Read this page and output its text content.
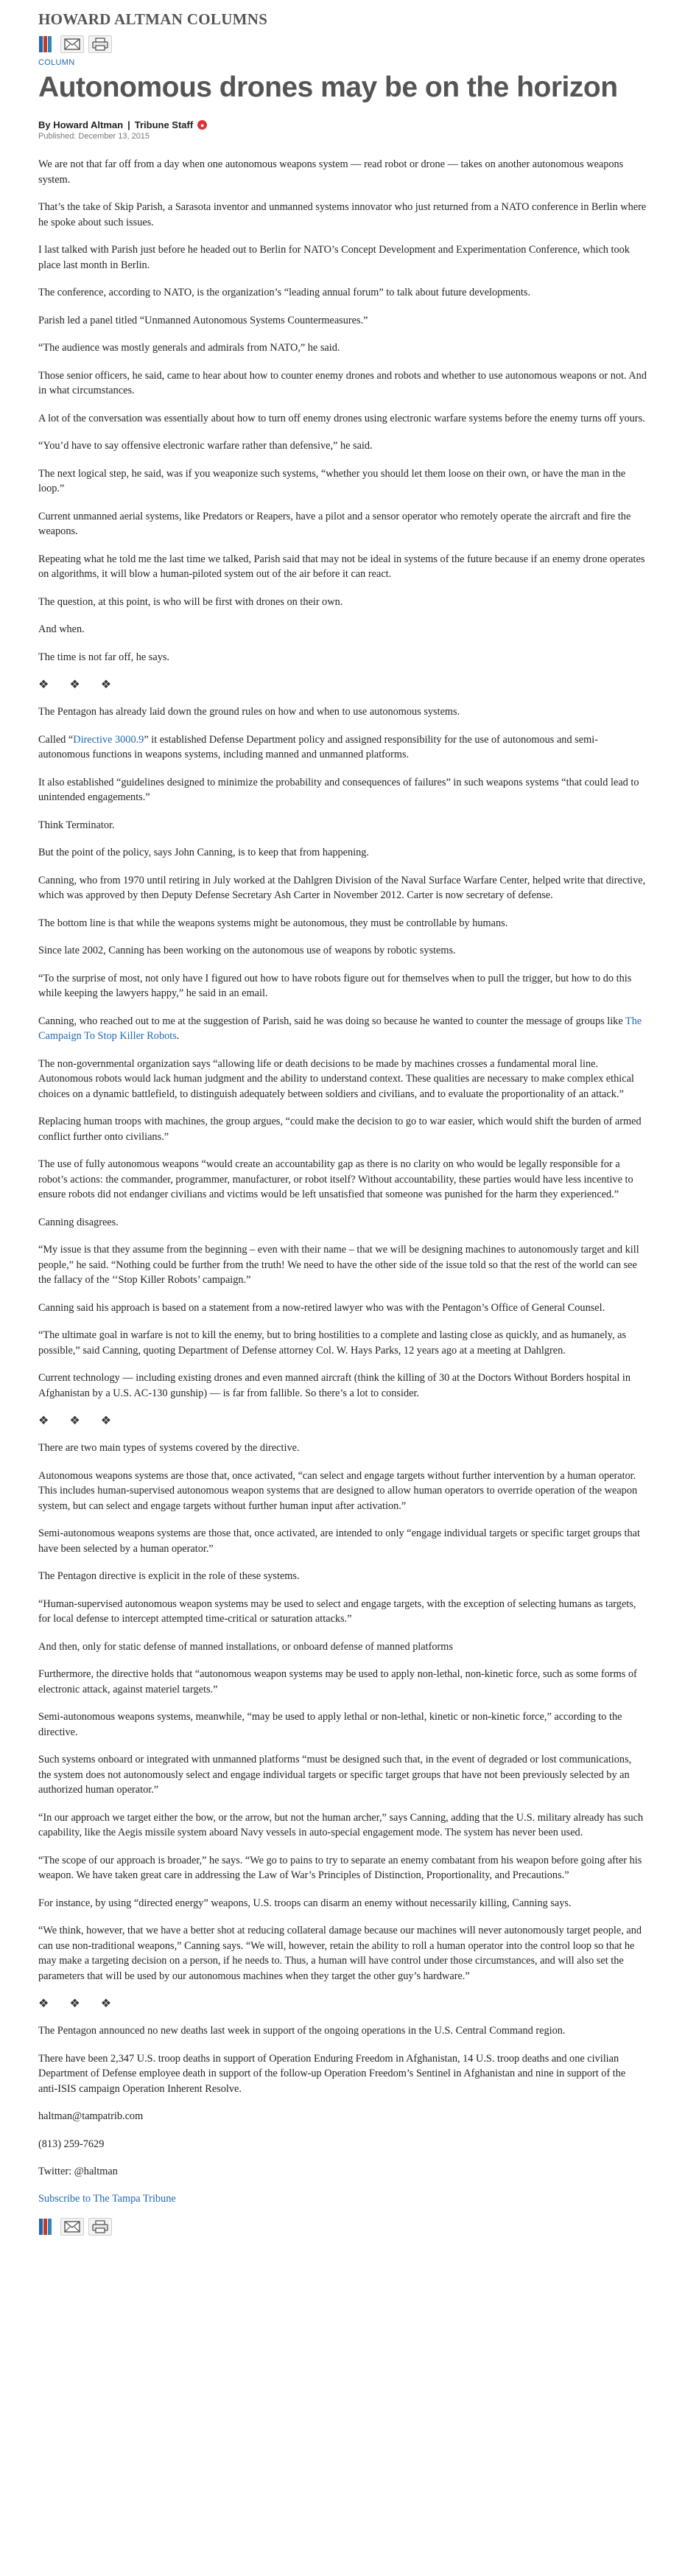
HOWARD ALTMAN COLUMNS
COLUMN
Autonomous drones may be on the horizon
By Howard Altman | Tribune Staff	●
Published: December 13, 2015

We are not that far off from a day when one autonomous weapons system — read robot or drone — takes on another autonomous weapons system.

That’s the take of Skip Parish, a Sarasota inventor and unmanned systems innovator who just returned from a NATO conference in Berlin where he spoke about such issues.

I last talked with Parish just before he headed out to Berlin for NATO’s Concept Development and Experimentation Conference, which took place last month in Berlin.

The conference, according to NATO, is the organization’s “leading annual forum” to talk about future developments.

Parish led a panel titled “Unmanned Autonomous Systems Countermeasures.”

“The audience was mostly generals and admirals from NATO,” he said.

Those senior officers, he said, came to hear about how to counter enemy drones and robots and whether to use autonomous weapons or not. And in what circumstances.

A lot of the conversation was essentially about how to turn off enemy drones using electronic warfare systems before the enemy turns off yours.

“You’d have to say offensive electronic warfare rather than defensive,” he said.

The next logical step, he said, was if you weaponize such systems, “whether you should let them loose on their own, or have the man in the loop.”

Current unmanned aerial systems, like Predators or Reapers, have a pilot and a sensor operator who remotely operate the aircraft and fire the weapons.

Repeating what he told me the last time we talked, Parish said that may not be ideal in systems of the future because if an enemy drone operates on algorithms, it will blow a human-piloted system out of the air before it can react.

The question, at this point, is who will be first with drones on their own.

And when.

The time is not far off, he says.

❖ ❖ ❖

The Pentagon has already laid down the ground rules on how and when to use autonomous systems.

Called “Directive 3000.9” it established Defense Department policy and assigned responsibility for the use of autonomous and semi-autonomous functions in weapons systems, including manned and unmanned platforms.

It also established “guidelines designed to minimize the probability and consequences of failures” in such weapons systems “that could lead to unintended engagements.”

Think Terminator.

But the point of the policy, says John Canning, is to keep that from happening.

Canning, who from 1970 until retiring in July worked at the Dahlgren Division of the Naval Surface Warfare Center, helped write that directive, which was approved by then Deputy Defense Secretary Ash Carter in November 2012. Carter is now secretary of defense.

The bottom line is that while the weapons systems might be autonomous, they must be controllable by humans.

Since late 2002, Canning has been working on the autonomous use of weapons by robotic systems.

“To the surprise of most, not only have I figured out how to have robots figure out for themselves when to pull the trigger, but how to do this while keeping the lawyers happy,” he said in an email.

Canning, who reached out to me at the suggestion of Parish, said he was doing so because he wanted to counter the message of groups like The Campaign To Stop Killer Robots.

The non-governmental organization says “allowing life or death decisions to be made by machines crosses a fundamental moral line. Autonomous robots would lack human judgment and the ability to understand context. These qualities are necessary to make complex ethical choices on a dynamic battlefield, to distinguish adequately between soldiers and civilians, and to evaluate the proportionality of an attack.”

Replacing human troops with machines, the group argues, “could make the decision to go to war easier, which would shift the burden of armed conflict further onto civilians.”

The use of fully autonomous weapons “would create an accountability gap as there is no clarity on who would be legally responsible for a robot’s actions: the commander, programmer, manufacturer, or robot itself? Without accountability, these parties would have less incentive to ensure robots did not endanger civilians and victims would be left unsatisfied that someone was punished for the harm they experienced.”

Canning disagrees.

“My issue is that they assume from the beginning – even with their name – that we will be designing machines to autonomously target and kill people,” he said. “Nothing could be further from the truth! We need to have the other side of the issue told so that the rest of the world can see the fallacy of the ‘‘Stop Killer Robots’ campaign.”

Canning said his approach is based on a statement from a now-retired lawyer who was with the Pentagon’s Office of General Counsel.

“The ultimate goal in warfare is not to kill the enemy, but to bring hostilities to a complete and lasting close as quickly, and as humanely, as possible,” said Canning, quoting Department of Defense attorney Col. W. Hays Parks, 12 years ago at a meeting at Dahlgren.

Current technology — including existing drones and even manned aircraft (think the killing of 30 at the Doctors Without Borders hospital in Afghanistan by a U.S. AC-130 gunship) — is far from fallible. So there’s a lot to consider.

❖ ❖ ❖

There are two main types of systems covered by the directive.

Autonomous weapons systems are those that, once activated, “can select and engage targets without further intervention by a human operator. This includes human-supervised autonomous weapon systems that are designed to allow human operators to override operation of the weapon system, but can select and engage targets without further human input after activation.”

Semi-autonomous weapons systems are those that, once activated, are intended to only “engage individual targets or specific target groups that have been selected by a human operator.”

The Pentagon directive is explicit in the role of these systems.

“Human-supervised autonomous weapon systems may be used to select and engage targets, with the exception of selecting humans as targets, for local defense to intercept attempted time-critical or saturation attacks.”

And then, only for static defense of manned installations, or onboard defense of manned platforms

Furthermore, the directive holds that “autonomous weapon systems may be used to apply non-lethal, non-kinetic force, such as some forms of electronic attack, against materiel targets.”

Semi-autonomous weapons systems, meanwhile, “may be used to apply lethal or non-lethal, kinetic or non-kinetic force,” according to the directive.

Such systems onboard or integrated with unmanned platforms “must be designed such that, in the event of degraded or lost communications, the system does not autonomously select and engage individual targets or specific target groups that have not been previously selected by an authorized human operator.”

“In our approach we target either the bow, or the arrow, but not the human archer,” says Canning, adding that the U.S. military already has such capability, like the Aegis missile system aboard Navy vessels in auto-special engagement mode. The system has never been used.

“The scope of our approach is broader,” he says. “We go to pains to try to separate an enemy combatant from his weapon before going after his weapon. We have taken great care in addressing the Law of War’s Principles of Distinction, Proportionality, and Precautions.”

For instance, by using “directed energy” weapons, U.S. troops can disarm an enemy without necessarily killing, Canning says.

“We think, however, that we have a better shot at reducing collateral damage because our machines will never autonomously target people, and can use non-traditional weapons,” Canning says. “We will, however, retain the ability to roll a human operator into the control loop so that he may make a targeting decision on a person, if he needs to. Thus, a human will have control under those circumstances, and will also set the parameters that will be used by our autonomous machines when they target the other guy’s hardware.”

❖ ❖ ❖

The Pentagon announced no new deaths last week in support of the ongoing operations in the U.S. Central Command region.

There have been 2,347 U.S. troop deaths in support of Operation Enduring Freedom in Afghanistan, 14 U.S. troop deaths and one civilian Department of Defense employee death in support of the follow-up Operation Freedom’s Sentinel in Afghanistan and nine in support of the anti-ISIS campaign Operation Inherent Resolve.

haltman@tampatrib.com

(813) 259-7629

Twitter: @haltman

Subscribe to The Tampa Tribune
